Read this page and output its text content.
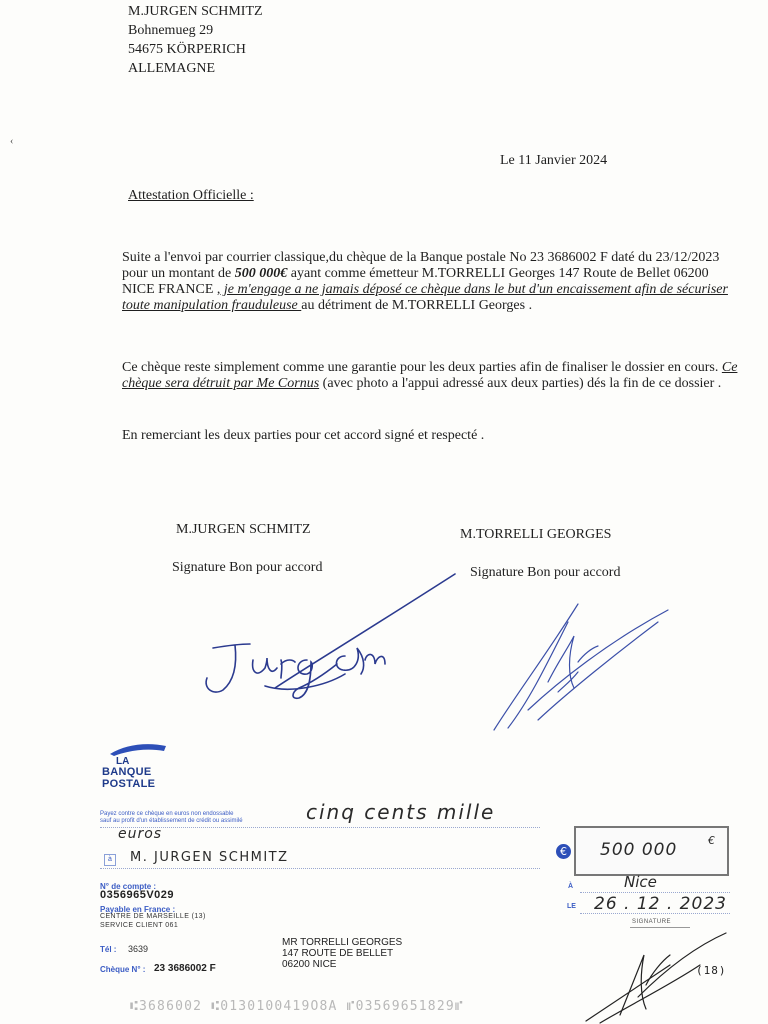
M.JURGEN SCHMITZ
Bohnemueg 29
54675 KÖRPERICH
ALLEMAGNE
‹
Le 11 Janvier 2024
Attestation Officielle :
Suite a l'envoi par courrier classique,du chèque de la Banque postale No 23 3686002 F daté du 23/12/2023 pour un montant de 500 000€ ayant comme émetteur M.TORRELLI Georges 147 Route de Bellet 06200 NICE FRANCE , je m'engage a ne jamais déposé ce chèque dans le but d'un encaissement afin de sécuriser toute manipulation frauduleuse au détriment de M.TORRELLI Georges .
Ce chèque reste simplement comme une garantie pour les deux parties afin de finaliser le dossier en cours. Ce chèque sera détruit par Me Cornus (avec photo a l'appui adressé aux deux parties) dés la fin de ce dossier .
En remerciant les deux parties pour cet accord signé et respecté .
M.JURGEN SCHMITZ
Signature Bon pour accord
M.TORRELLI GEORGES
Signature Bon pour accord
LA
BANQUE
POSTALE
Payez contre ce chèque en euros non endossable
sauf au profit d'un établissement de crédit ou assimilé	cinq cents mille
euros
à	M. JURGEN SCHMITZ	€ 500 000	€
N° de compte :
0356965V029
Payable en France :
CENTRE DE MARSEILLE (13)
SERVICE CLIENT 061
Tél : 3639
Chèque N° : 23 3686002 F
MR TORRELLI GEORGES
147 ROUTE DE BELLET
06200 NICE
À	Nice
LE 26 . 12 . 2023
SIGNATURE
(18)
⑆3686002 ⑆0130100419O8A ⑈0356965182​9⑈
